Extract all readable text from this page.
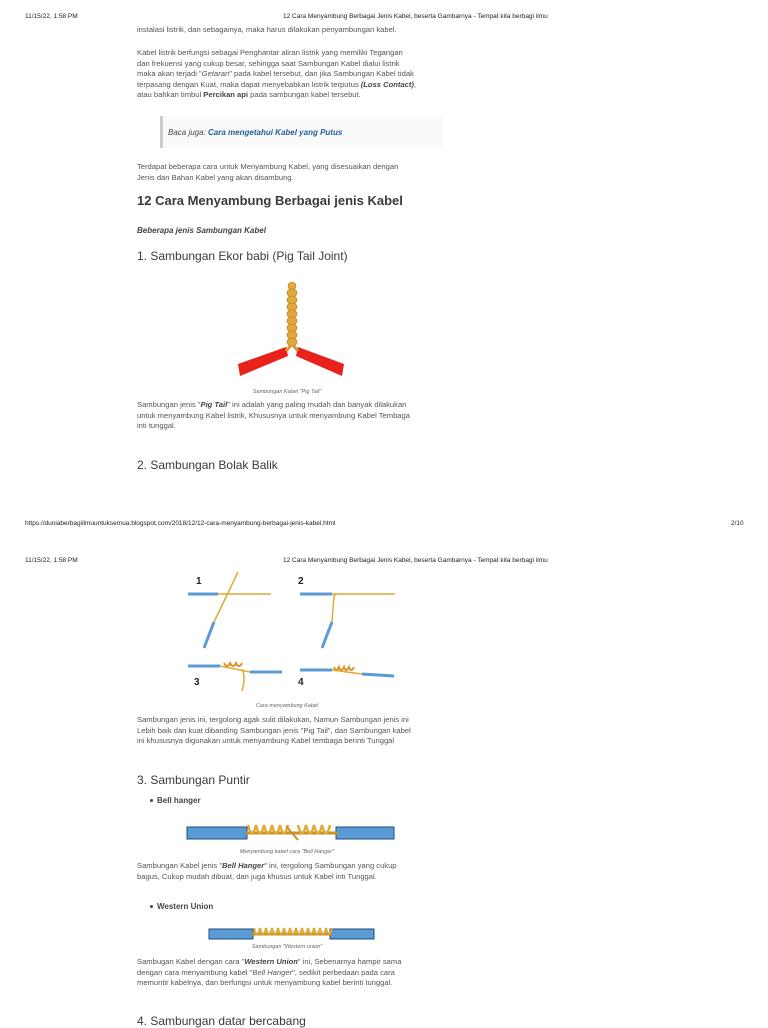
11/15/22, 1:58 PM	12 Cara Menyambung Berbagai Jenis Kabel, beserta Gambarnya - Tempat kita berbagi ilmu

instalasi listrik, dan sebagainya, maka harus dilakukan penyambungan kabel.

Kabel listrik berfungsi sebagai Penghantar aliran listrik yang memiliki Tegangan

dan frekuensi yang cukup besar, sehingga saat Sambungan Kabel dialui listrik

maka akan terjadi "Getaran" pada kabel tersebut, dan jika Sambungan Kabel tidak

terpasang dengan Kuat, maka dapat menyebabkan listrik terputus (Loss Contact),

atau bahkan timbul Percikan api pada sambungan kabel tersebut.

Baca juga: Cara mengetahui Kabel yang Putus

Terdapat beberapa cara untuk Menyambung Kabel, yang disesuaikan dengan

Jenis dan Bahan Kabel yang akan disambung.

12 Cara Menyambung Berbagai jenis Kabel
Beberapa jenis Sambungan Kabel
1. Sambungan Ekor babi (Pig Tail Joint)
Sambungan Kabel "Pig Tail"

Sambungan jenis "Pig Tail" ini adalah yang paling mudah dan banyak dilakukan

untuk menyambung Kabel listrik, Khususnya untuk menyambung Kabel Tembaga

inti tunggal.

2. Sambungan Bolak Balik
https://duniaberbagiilmuuntuksemua.blogspot.com/2018/12/12-cara-menyambung-berbagai-jenis-kabel.html	2/10
11/15/22, 1:58 PM	12 Cara Menyambung Berbagai Jenis Kabel, beserta Gambarnya - Tempat kita berbagi ilmu
1	2
3	4
Cara menyambung Kabel

Sambungan jenis ini, tergolong agak sulit dilakukan, Namun Sambungan jenis ini

Lebih baik dan kuat dibanding Sambungan jenis "Pig Tail", dan Sambungan kabel

ini khususnya digunakan untuk menyambung Kabel tembaga berinti Tunggal

3. Sambungan Puntir
Bell hanger
Menyambung kabel cara "Bell Hanger"

Sambungan Kabel jenis "Bell Hanger" ini, tergolong Sambungan yang cukup

bagus, Cukup mudah dibuat, dan juga khusus untuk Kabel inti Tunggal.

Western Union
Sambungan "Western union"

Sambugan Kabel dengan cara "Western Union" ini, Sebenarnya hampir sama

dengan cara menyambung kabel "Bell Hanger", sedikit perbedaan pada cara

memuntir kabelnya, dan berfungsi untuk menyambung kabel berinti tunggal.

4. Sambungan datar bercabang
